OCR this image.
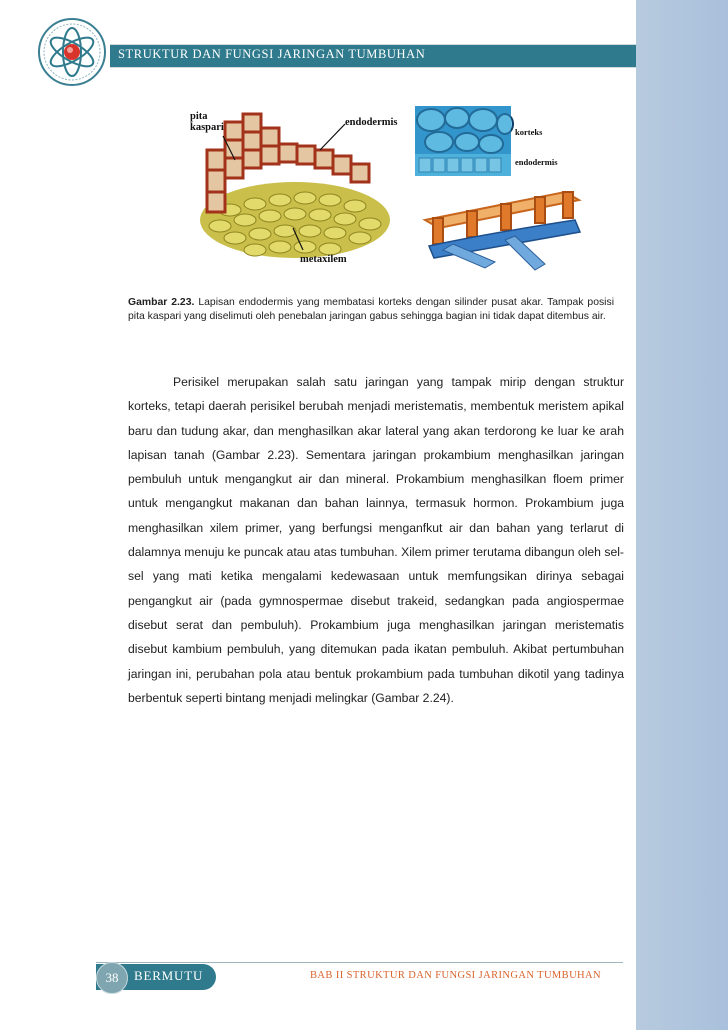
STRUKTUR DAN FUNGSI JARINGAN TUMBUHAN
pita
kaspari	endodermis
metaxilem
korteks
endodermis
Gambar 2.23. Lapisan endodermis yang membatasi korteks dengan silinder pusat akar. Tampak posisi pita kaspari yang diselimuti oleh penebalan jaringan gabus sehingga bagian ini tidak dapat ditembus air.

Perisikel merupakan salah satu jaringan yang tampak mirip dengan struktur korteks, tetapi daerah perisikel berubah menjadi meristematis, membentuk meristem apikal baru dan tudung akar, dan menghasilkan akar lateral yang akan terdorong ke luar ke arah lapisan tanah (Gambar 2.23). Sementara jaringan prokambium menghasilkan jaringan pembuluh untuk mengangkut air dan mineral. Prokambium menghasilkan floem primer untuk mengangkut makanan dan bahan lainnya, termasuk hormon. Prokambium juga menghasilkan xilem primer, yang berfungsi menganfkut air dan bahan yang terlarut di dalamnya menuju ke puncak atau atas tumbuhan. Xilem primer terutama dibangun oleh sel-sel yang mati ketika mengalami kedewasaan untuk memfungsikan dirinya sebagai pengangkut air (pada gymnospermae disebut trakeid, sedangkan pada angiospermae disebut serat dan pembuluh). Prokambium juga menghasilkan jaringan meristematis disebut kambium pembuluh, yang ditemukan pada ikatan pembuluh. Akibat pertumbuhan jaringan ini, perubahan pola atau bentuk prokambium pada tumbuhan dikotil yang tadinya berbentuk seperti bintang menjadi melingkar (Gambar 2.24).

38	BERMUTU	BAB II STRUKTUR DAN FUNGSI JARINGAN TUMBUHAN
